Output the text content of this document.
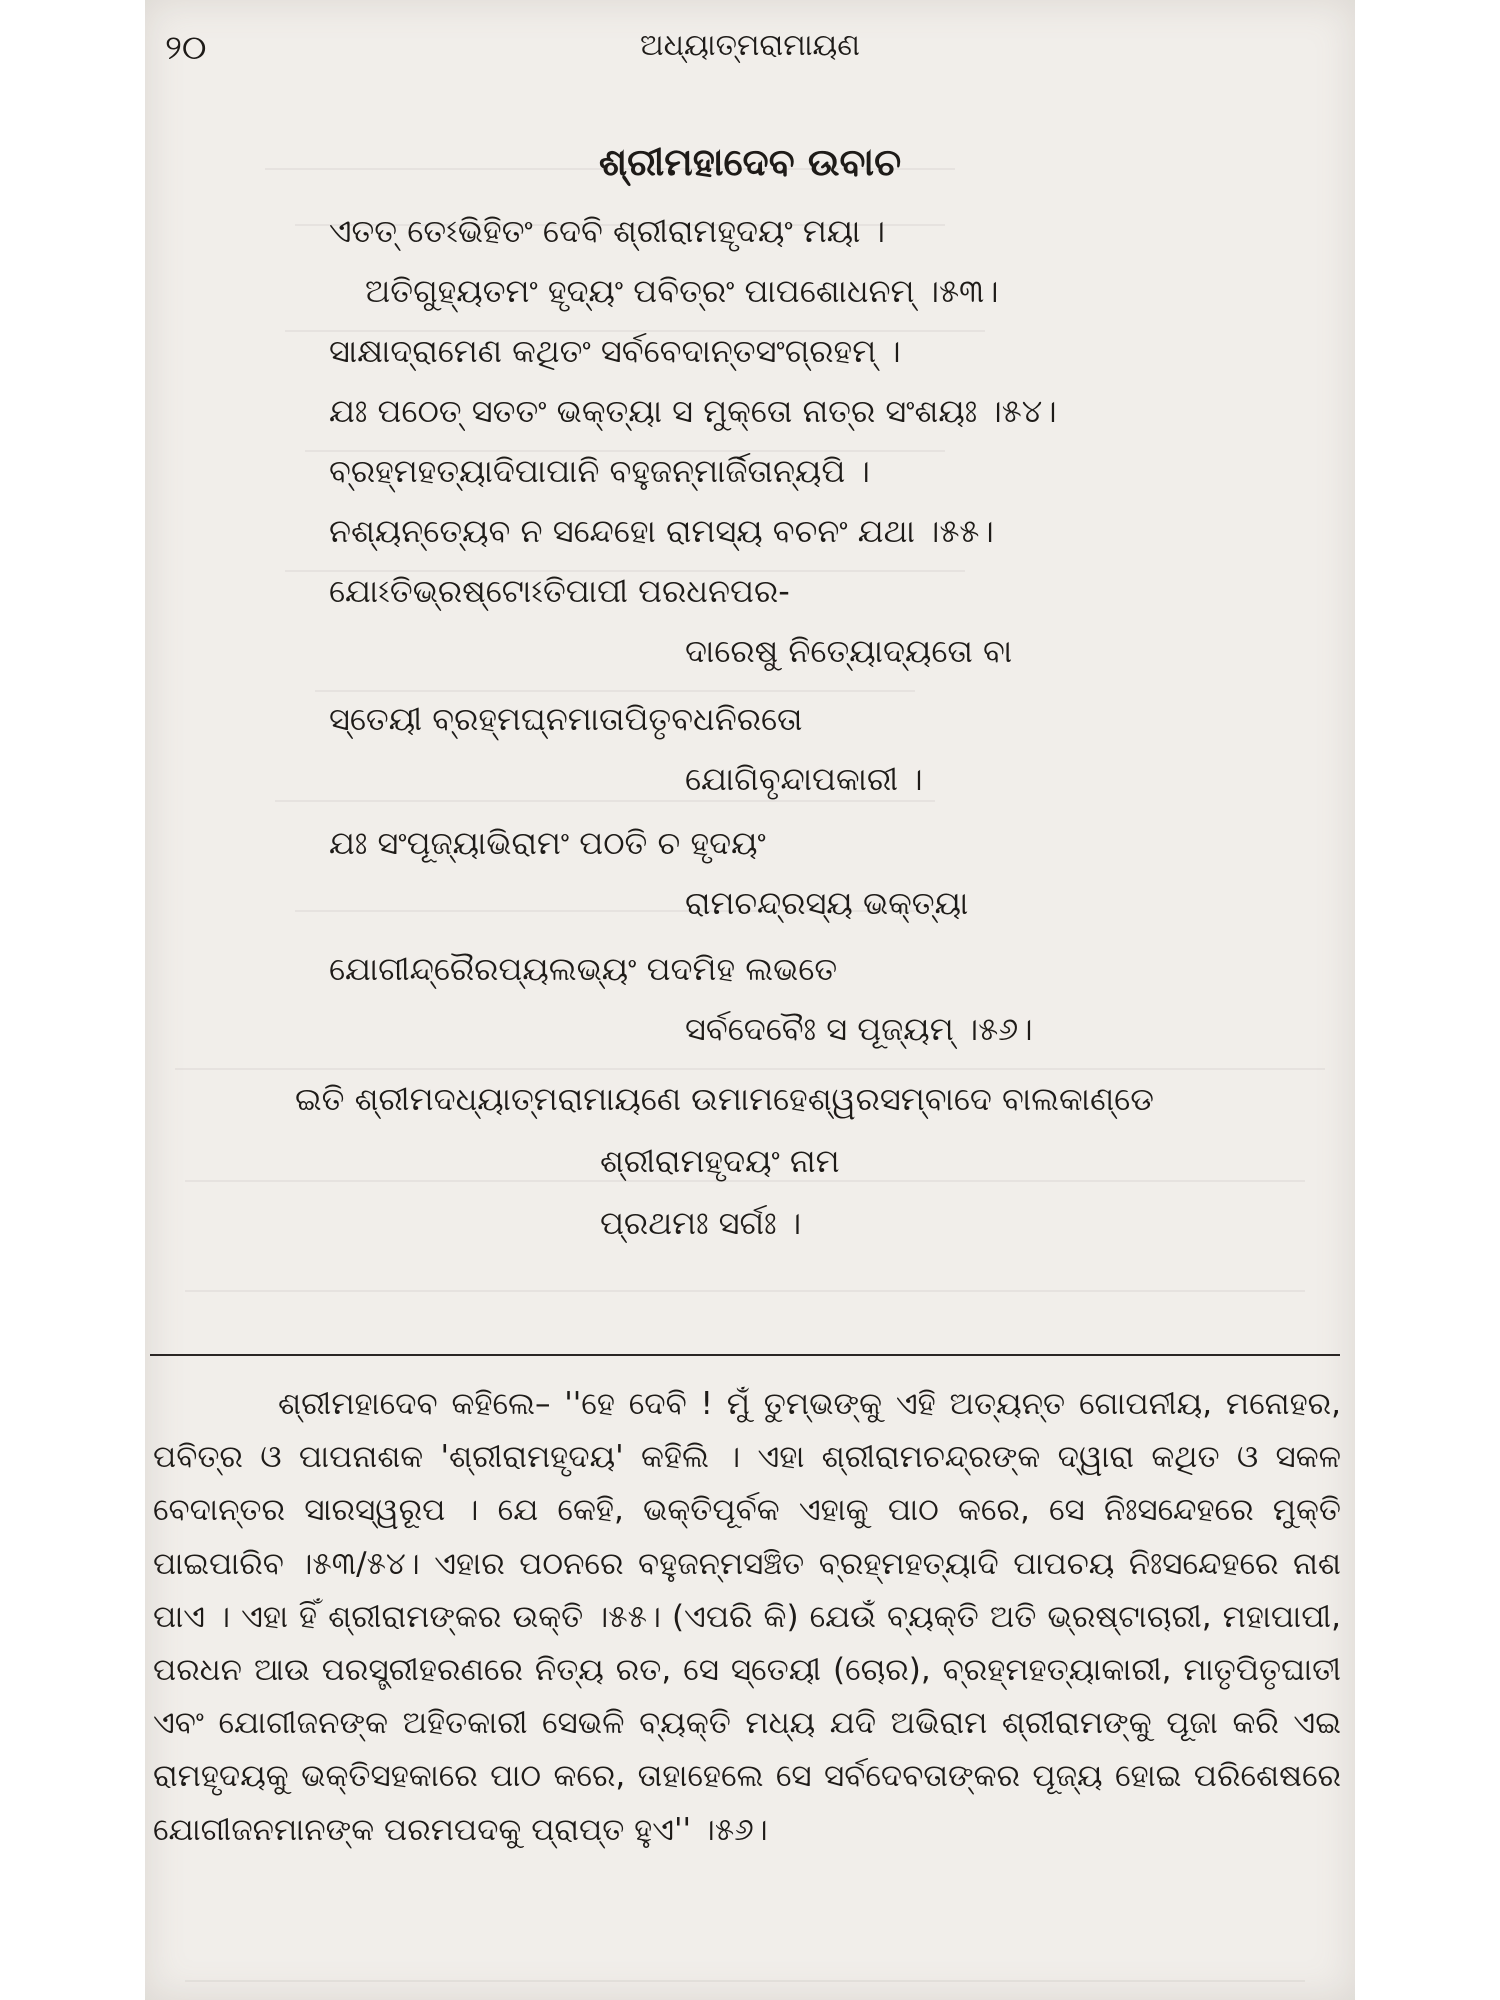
୨୦	ଅଧ୍ୟାତ୍ମରାମାୟଣ
ଶ୍ରୀମହାଦେବ ଉବାଚ
ଏତତ୍ ତେଽଭିହିତଂ ଦେବି ଶ୍ରୀରାମହୃଦୟଂ ମୟା ।
ଅତିଗୁହ୍ୟତମଂ ହୃଦ୍ୟଂ ପବିତ୍ରଂ ପାପଶୋଧନମ୍ ।୫୩।
ସାକ୍ଷାଦ୍ରାମେଣ କଥିତଂ ସର୍ବବେଦାନ୍ତସଂଗ୍ରହମ୍ ।
ଯଃ ପଠେତ୍ ସତତଂ ଭକ୍ତ୍ୟା ସ ମୁକ୍ତୋ ନାତ୍ର ସଂଶୟଃ ।୫୪।
ବ୍ରହ୍ମହତ୍ୟାଦିପାପାନି ବହୁଜନ୍ମାର୍ଜିତାନ୍ୟପି ।
ନଶ୍ୟନ୍ତ୍ୟେବ ନ ସନ୍ଦେହୋ ରାମସ୍ୟ ବଚନଂ ଯଥା ।୫୫।
ଯୋଽତିଭ୍ରଷ୍ଟୋଽତିପାପୀ ପରଧନପର-
ଦାରେଷୁ ନିତ୍ୟୋଦ୍ୟତୋ ବା
ସ୍ତେୟୀ ବ୍ରହ୍ମଘ୍ନମାତାପିତୃବଧନିରତୋ
ଯୋଗିବୃନ୍ଦାପକାରୀ ।
ଯଃ ସଂପୂଜ୍ୟାଭିରାମଂ ପଠତି ଚ ହୃଦୟଂ
ରାମଚନ୍ଦ୍ରସ୍ୟ ଭକ୍ତ୍ୟା
ଯୋଗୀନ୍ଦ୍ରୈରପ୍ୟଲଭ୍ୟଂ ପଦମିହ ଲଭତେ
ସର୍ବଦେବୈଃ ସ ପୂଜ୍ୟମ୍ ।୫୬।
ଇତି ଶ୍ରୀମଦଧ୍ୟାତ୍ମରାମାୟଣେ ଉମାମହେଶ୍ୱରସମ୍ବାଦେ ବାଲକାଣ୍ଡେ
ଶ୍ରୀରାମହୃଦୟଂ ନାମ
ପ୍ରଥମଃ ସର୍ଗଃ ।

ଶ୍ରୀମହାଦେବ କହିଲେ– ''ହେ ଦେବି ! ମୁଁ ତୁମ୍ଭଙ୍କୁ ଏହି ଅତ୍ୟନ୍ତ ଗୋପନୀୟ, ମନୋହର, ପବିତ୍ର ଓ ପାପନାଶକ 'ଶ୍ରୀରାମହୃଦୟ' କହିଲି । ଏହା ଶ୍ରୀରାମଚନ୍ଦ୍ରଙ୍କ ଦ୍ୱାରା କଥିତ ଓ ସକଳ ବେଦାନ୍ତର ସାରସ୍ୱରୂପ । ଯେ କେହି, ଭକ୍ତିପୂର୍ବକ ଏହାକୁ ପାଠ କରେ, ସେ ନିଃସନ୍ଦେହରେ ମୁକ୍ତି ପାଇପାରିବ ।୫୩/୫୪। ଏହାର ପଠନରେ ବହୁଜନ୍ମସଞ୍ଚିତ ବ୍ରହ୍ମହତ୍ୟାଦି ପାପଚୟ ନିଃସନ୍ଦେହରେ ନାଶ ପାଏ । ଏହା ହିଁ ଶ୍ରୀରାମଙ୍କର ଉକ୍ତି ।୫୫। (ଏପରି କି) ଯେଉଁ ବ୍ୟକ୍ତି ଅତି ଭ୍ରଷ୍ଟାଚାରୀ, ମହାପାପୀ, ପରଧନ ଆଉ ପରସ୍ତ୍ରୀହରଣରେ ନିତ୍ୟ ରତ, ସେ ସ୍ତେୟୀ (ଚୋର), ବ୍ରହ୍ମହତ୍ୟାକାରୀ, ମାତୃପିତୃଘାତୀ ଏବଂ ଯୋଗୀଜନଙ୍କ ଅହିତକାରୀ ସେଭଳି ବ୍ୟକ୍ତି ମଧ୍ୟ ଯଦି ଅଭିରାମ ଶ୍ରୀରାମଙ୍କୁ ପୂଜା କରି ଏଇ ରାମହୃଦୟକୁ ଭକ୍ତିସହକାରେ ପାଠ କରେ, ତାହାହେଲେ ସେ ସର୍ବଦେବତାଙ୍କର ପୂଜ୍ୟ ହୋଇ ପରିଶେଷରେ ଯୋଗୀଜନମାନଙ୍କ ପରମପଦକୁ ପ୍ରାପ୍ତ ହୁଏ'' ।୫୬।
